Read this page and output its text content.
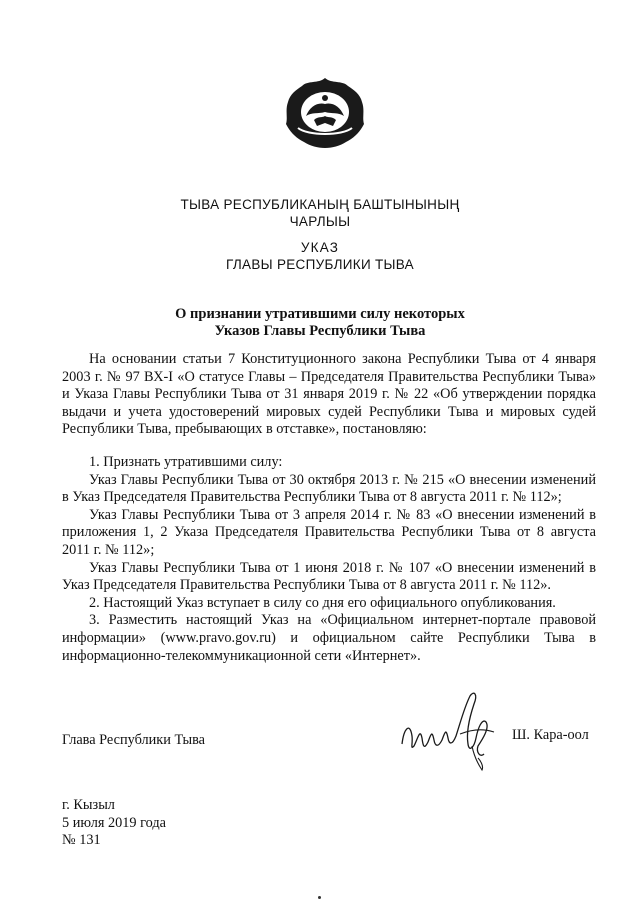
ТЫВА РЕСПУБЛИКАНЫҢ БАШТЫНЫНЫҢ
ЧАРЛЫЫ
УКАЗ
ГЛАВЫ РЕСПУБЛИКИ ТЫВА
О признании утратившими силу некоторых
Указов Главы Республики Тыва

На основании статьи 7 Конституционного закона Республики Тыва от 4 января 2003 г. № 97 ВХ-I «О статусе Главы – Председателя Правительства Республики Тыва» и Указа Главы Республики Тыва от 31 января 2019 г. № 22 «Об утверждении порядка выдачи и учета удостоверений мировых судей Республики Тыва и мировых судей Республики Тыва, пребывающих в отставке», постановляю:

1. Признать утратившими силу:

Указ Главы Республики Тыва от 30 октября 2013 г. № 215 «О внесении изменений в Указ Председателя Правительства Республики Тыва от 8 августа 2011 г. № 112»;

Указ Главы Республики Тыва от 3 апреля 2014 г. № 83 «О внесении изменений в приложения 1, 2 Указа Председателя Правительства Республики Тыва от 8 августа 2011 г. № 112»;

Указ Главы Республики Тыва от 1 июня 2018 г. № 107 «О внесении изменений в Указ Председателя Правительства Республики Тыва от 8 августа 2011 г. № 112».

2. Настоящий Указ вступает в силу со дня его официального опубликования.

3. Разместить настоящий Указ на «Официальном интернет-портале правовой информации» (www.pravo.gov.ru) и официальном сайте Республики Тыва в информационно-телекоммуникационной сети «Интернет».

Глава Республики Тыва	Ш. Кара-оол
г. Кызыл
5 июля 2019 года
№ 131
